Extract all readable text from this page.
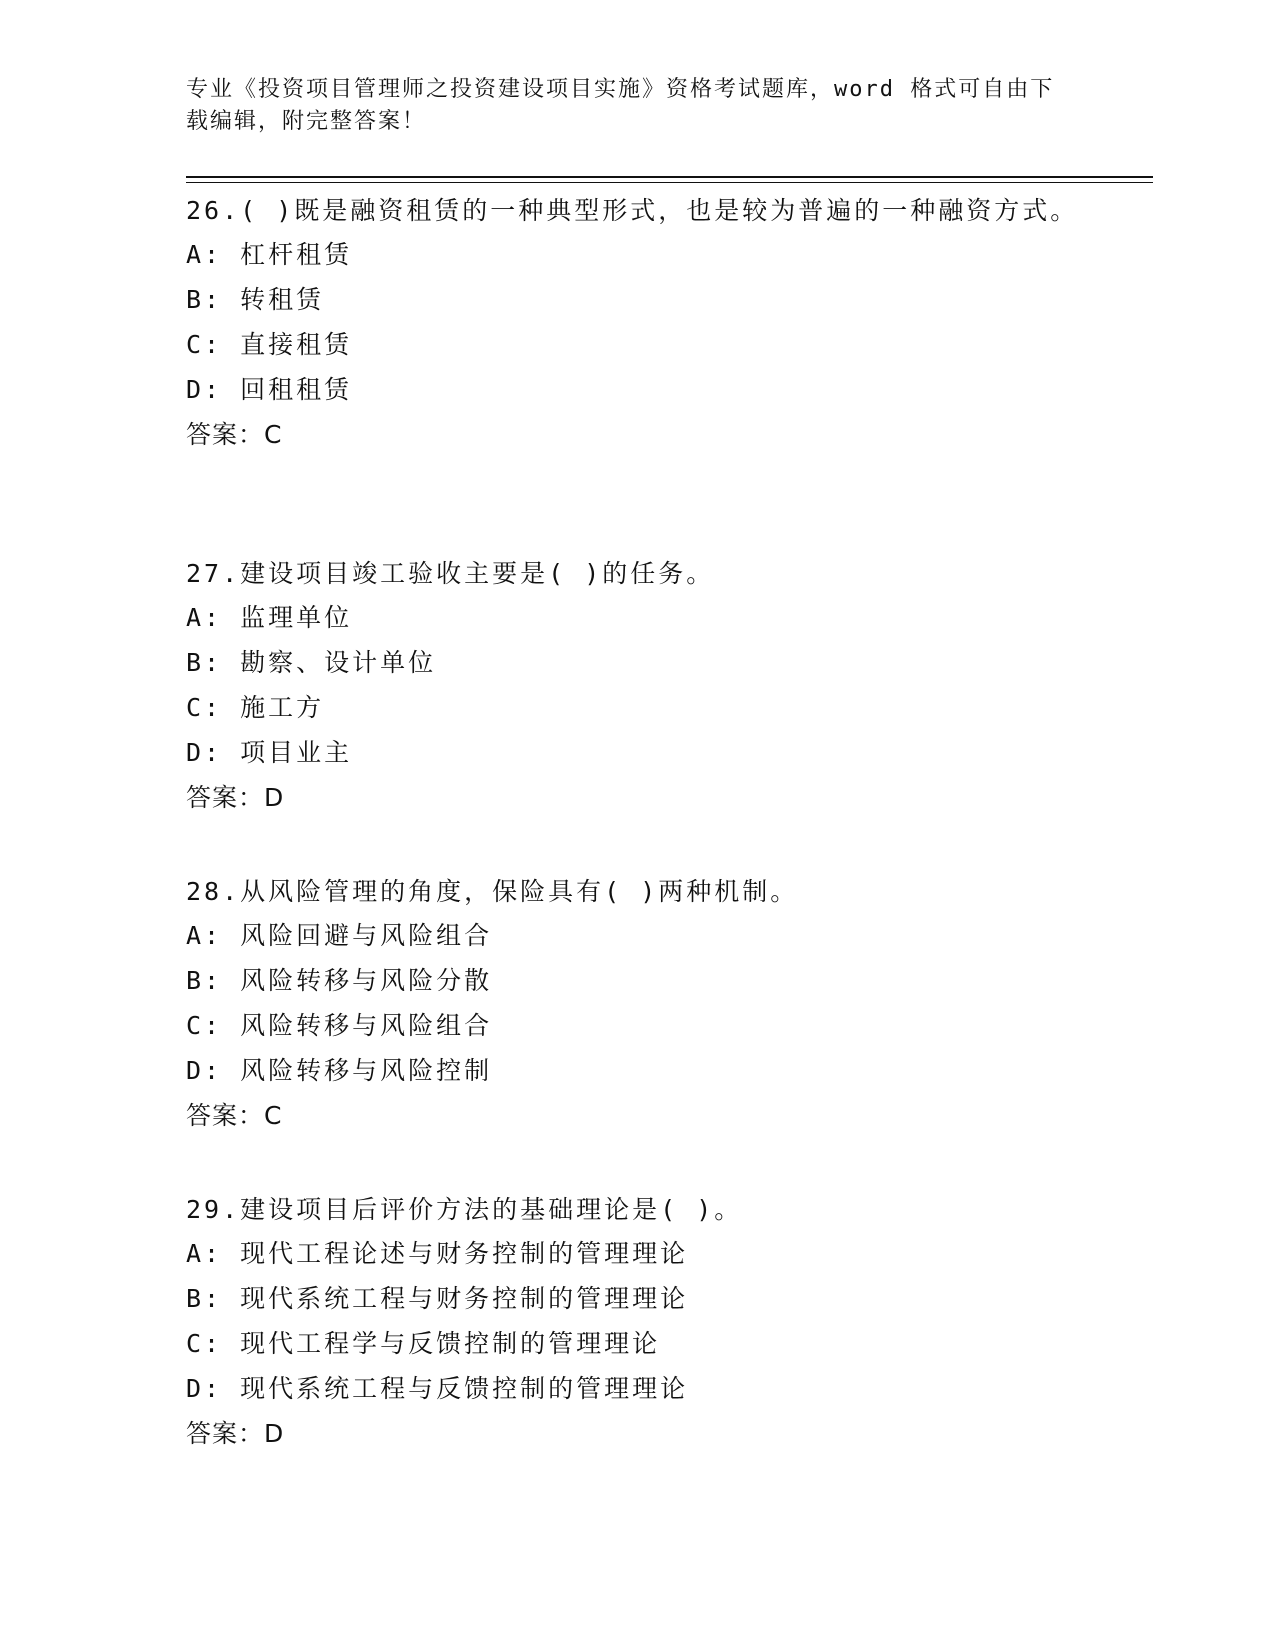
专业《投资项目管理师之投资建设项目实施》资格考试题库，word 格式可自由下载编辑，附完整答案！

26.( )既是融资租赁的一种典型形式，也是较为普遍的一种融资方式。

A: 杠杆租赁

B: 转租赁

C: 直接租赁

D: 回租租赁

答案：C

27.建设项目竣工验收主要是( )的任务。

A: 监理单位

B: 勘察、设计单位

C: 施工方

D: 项目业主

答案：D

28.从风险管理的角度，保险具有( )两种机制。

A: 风险回避与风险组合

B: 风险转移与风险分散

C: 风险转移与风险组合

D: 风险转移与风险控制

答案：C

29.建设项目后评价方法的基础理论是( )。

A: 现代工程论述与财务控制的管理理论

B: 现代系统工程与财务控制的管理理论

C: 现代工程学与反馈控制的管理理论

D: 现代系统工程与反馈控制的管理理论

答案：D
